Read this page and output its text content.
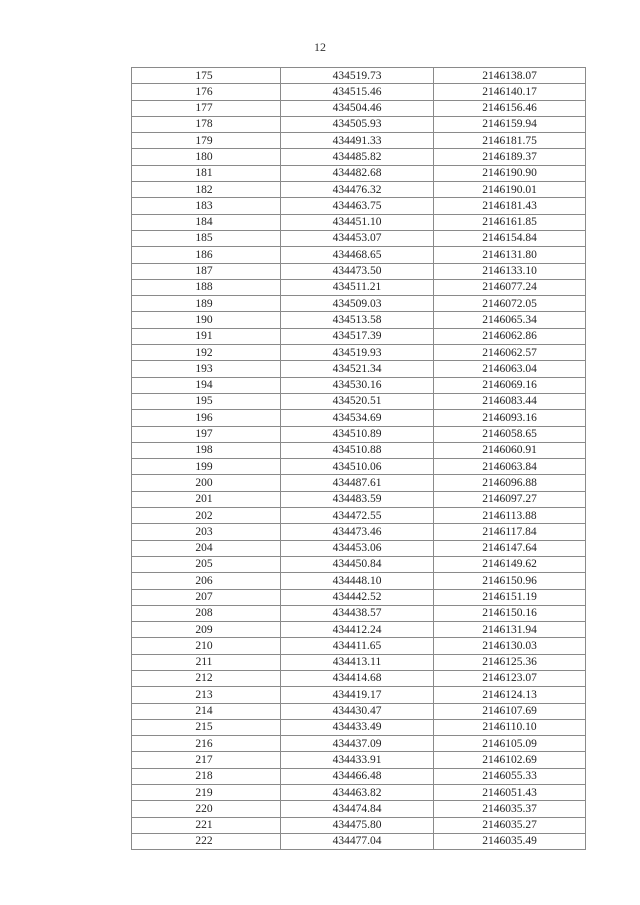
12
175	434519.73	2146138.07
176	434515.46	2146140.17
177	434504.46	2146156.46
178	434505.93	2146159.94
179	434491.33	2146181.75
180	434485.82	2146189.37
181	434482.68	2146190.90
182	434476.32	2146190.01
183	434463.75	2146181.43
184	434451.10	2146161.85
185	434453.07	2146154.84
186	434468.65	2146131.80
187	434473.50	2146133.10
188	434511.21	2146077.24
189	434509.03	2146072.05
190	434513.58	2146065.34
191	434517.39	2146062.86
192	434519.93	2146062.57
193	434521.34	2146063.04
194	434530.16	2146069.16
195	434520.51	2146083.44
196	434534.69	2146093.16
197	434510.89	2146058.65
198	434510.88	2146060.91
199	434510.06	2146063.84
200	434487.61	2146096.88
201	434483.59	2146097.27
202	434472.55	2146113.88
203	434473.46	2146117.84
204	434453.06	2146147.64
205	434450.84	2146149.62
206	434448.10	2146150.96
207	434442.52	2146151.19
208	434438.57	2146150.16
209	434412.24	2146131.94
210	434411.65	2146130.03
211	434413.11	2146125.36
212	434414.68	2146123.07
213	434419.17	2146124.13
214	434430.47	2146107.69
215	434433.49	2146110.10
216	434437.09	2146105.09
217	434433.91	2146102.69
218	434466.48	2146055.33
219	434463.82	2146051.43
220	434474.84	2146035.37
221	434475.80	2146035.27
222	434477.04	2146035.49
